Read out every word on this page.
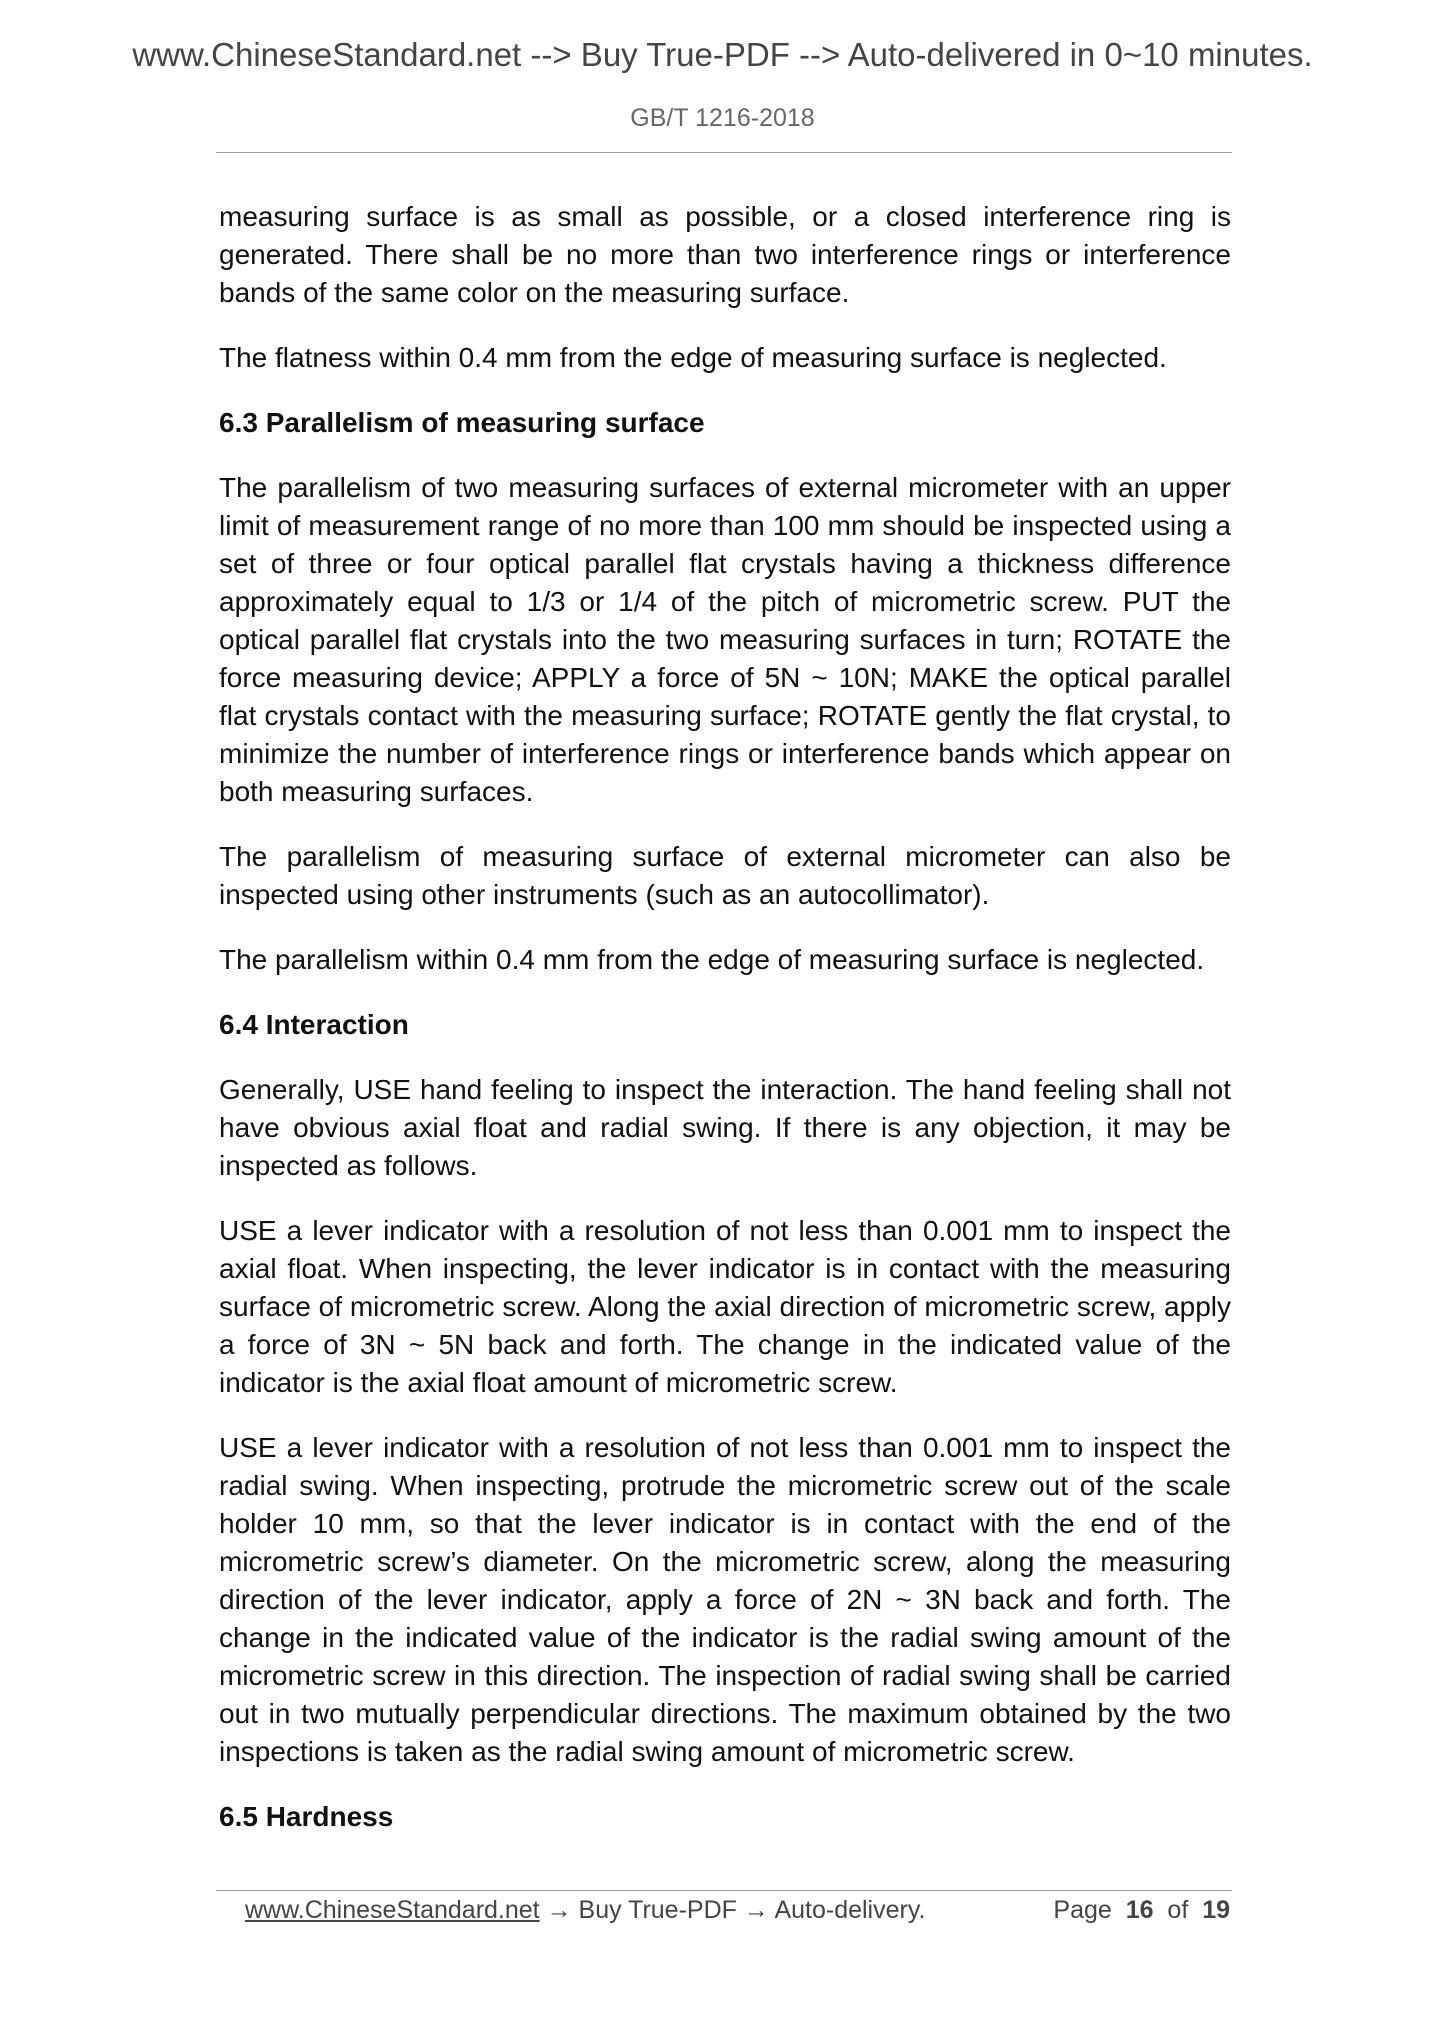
www.ChineseStandard.net --> Buy True-PDF --> Auto-delivered in 0~10 minutes.
GB/T 1216-2018

measuring surface is as small as possible, or a closed interference ring is generated. There shall be no more than two interference rings or interference bands of the same color on the measuring surface.

The flatness within 0.4 mm from the edge of measuring surface is neglected.

6.3 Parallelism of measuring surface

The parallelism of two measuring surfaces of external micrometer with an upper limit of measurement range of no more than 100 mm should be inspected using a set of three or four optical parallel flat crystals having a thickness difference approximately equal to 1/3 or 1/4 of the pitch of micrometric screw. PUT the optical parallel flat crystals into the two measuring surfaces in turn; ROTATE the force measuring device; APPLY a force of 5N ~ 10N; MAKE the optical parallel flat crystals contact with the measuring surface; ROTATE gently the flat crystal, to minimize the number of interference rings or interference bands which appear on both measuring surfaces.

The parallelism of measuring surface of external micrometer can also be inspected using other instruments (such as an autocollimator).

The parallelism within 0.4 mm from the edge of measuring surface is neglected.

6.4 Interaction

Generally, USE hand feeling to inspect the interaction. The hand feeling shall not have obvious axial float and radial swing. If there is any objection, it may be inspected as follows.

USE a lever indicator with a resolution of not less than 0.001 mm to inspect the axial float. When inspecting, the lever indicator is in contact with the measuring surface of micrometric screw. Along the axial direction of micrometric screw, apply a force of 3N ~ 5N back and forth. The change in the indicated value of the indicator is the axial float amount of micrometric screw.

USE a lever indicator with a resolution of not less than 0.001 mm to inspect the radial swing. When inspecting, protrude the micrometric screw out of the scale holder 10 mm, so that the lever indicator is in contact with the end of the micrometric screw’s diameter. On the micrometric screw, along the measuring direction of the lever indicator, apply a force of 2N ~ 3N back and forth. The change in the indicated value of the indicator is the radial swing amount of the micrometric screw in this direction. The inspection of radial swing shall be carried out in two mutually perpendicular directions. The maximum obtained by the two inspections is taken as the radial swing amount of micrometric screw.

6.5 Hardness
www.ChineseStandard.net → Buy True-PDF → Auto-delivery.	Page 16 of 19
